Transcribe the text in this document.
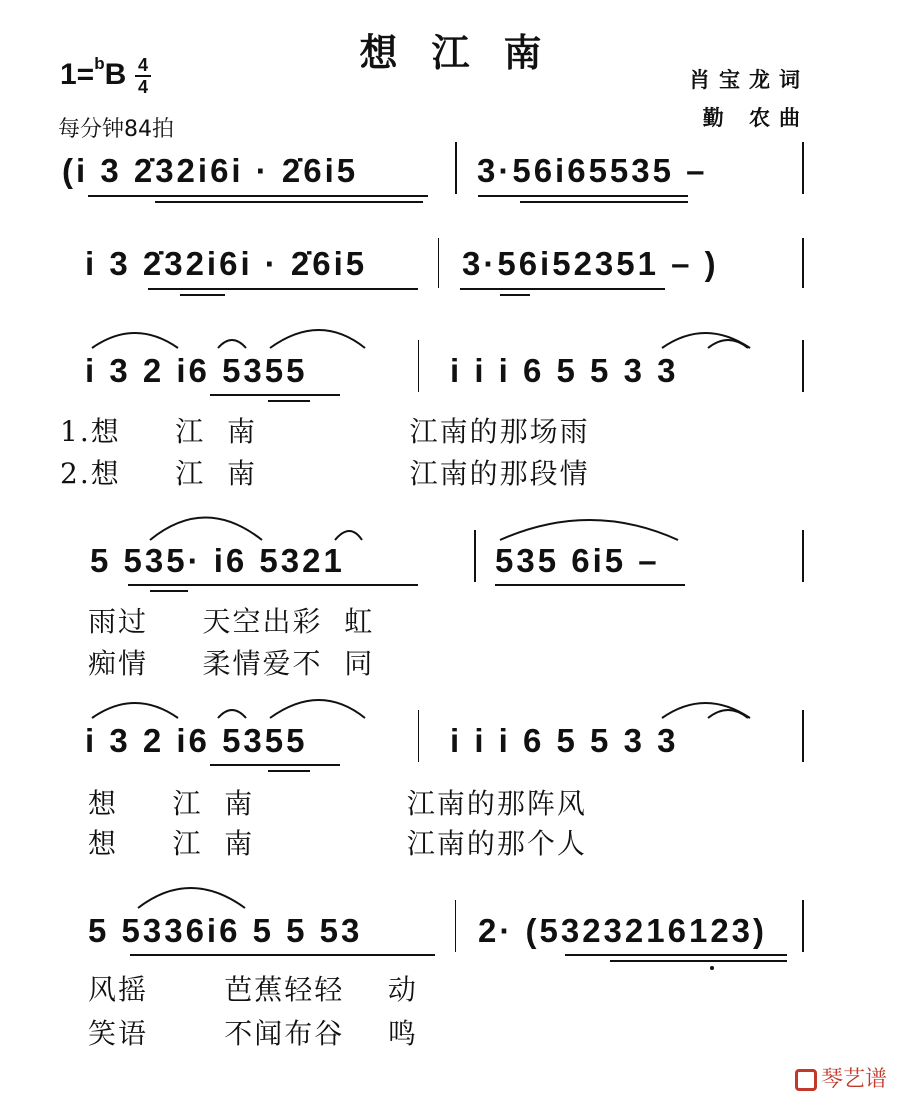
想江南
1=$^b$B 4
4
每分钟84拍
肖宝龙词
勤 农曲
(i 3 2̇32i6i · 2̇6i5	3·56i65535 –
i 3 2̇32i6i · 2̇6i5	3·56i52351 – )
i 3 2 i6 5355	i i i 6 5 5 3 3
1.想     江  南              江南的那场雨
2.想     江  南              江南的那段情
5 535· i6 5321	535 6i5 –
雨过     天空出彩  虹
痴情     柔情爱不  同
i 3 2 i6 5355	i i i 6 5 5 3 3
想     江  南              江南的那阵风
想     江  南              江南的那个人
5 5336i6 5 5 53	2· (5323216123)
风摇       芭蕉轻轻    动
笑语       不闻布谷    鸣
琴艺谱
